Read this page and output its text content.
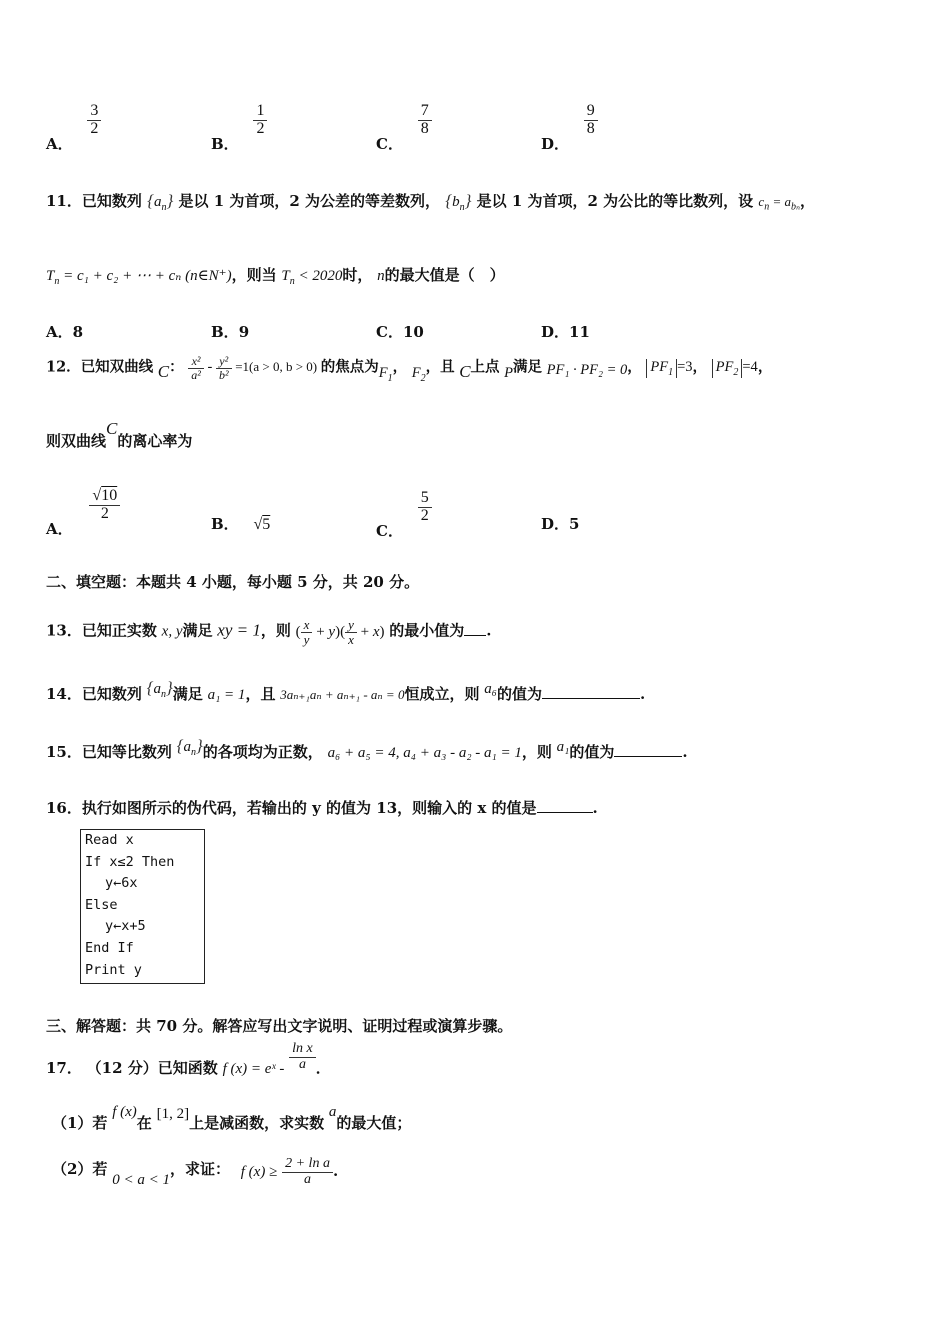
A．
$\frac{3}{2}$
B．
$\frac{1}{2}$
C．
$\frac{7}{8}$
D．
$\frac{9}{8}$
11．已知数列 $\{a_n\}$ 是以 1 为首项，2 为公差的等差数列， $\{b_n\}$ 是以 1 为首项，2 为公比的等比数列，设 $c_n = a_{b_n}$，
$T_n = c_1 + c_2$ + ⋯ + cₙ (n∈N⁺)，则当 $T_n < 2020$时， n的最大值是（　）
A．8	B．9	C．10	D．11
12．已知双曲线 C： $\frac{\text{x²}}{\text{a²}} - \frac{\text{y²}}{\text{b²}} =1(a > 0$, b > 0) 的焦点为$F_1$， $F_2$，且 C上点 P满足 PF₁ · PF₂ = 0， $PF_1 =3$， $PF_2 =4$，
则双曲线C的离心率为
A．
$\frac{√10}{2}$
B． √5	C．
$\frac{5}{2}$	D．5
二、填空题：本题共 4 小题，每小题 5 分，共 20 分。
13．已知正实数 x, y满足 xy = 1，则 ( $\frac{x}{y} + y)( \frac{y}{x} + x)$ 的最小值为 .
14．已知数列 $\{a_n\}$满足 a₁ = 1，且 3aₙ₊₁aₙ + aₙ₊₁ - aₙ = 0恒成立，则 a₆的值为	.
15．已知等比数列 $\{a_n\}$的各项均为正数， a₆ + a₅ = 4, a₄ + a₃ - a₂ - a₁ = 1，则 a₁的值为	.
16．执行如图所示的伪代码，若输出的 y 的值为 13，则输入的 x 的值是	.
Read x
If x≤2 Then
y←6x
Else
y←x+5
End If
Print y
三、解答题：共 70 分。解答应写出文字说明、证明过程或演算步骤。
17． （12 分）已知函数 f (x) = eˣ - $\frac{\text{ln x}}{a}$ ．
（1）若 f (x)在 [1, 2]上是减函数，求实数 a的最大值；
（2）若 0 < a < 1，求证： f $(x) \ge \frac{\text{2 + ln a}}{a}$ .
